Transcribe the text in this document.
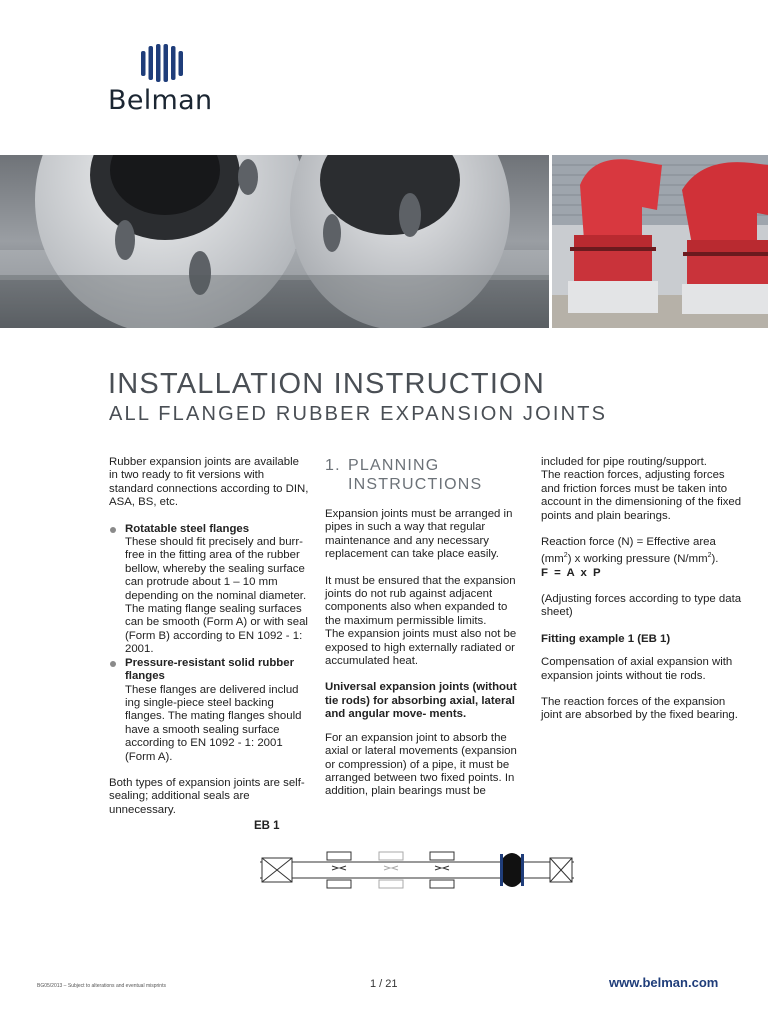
Belman
INSTALLATION INSTRUCTION
ALL FLANGED RUBBER EXPANSION JOINTS

Rubber expansion joints are available in two ready to fit versions with standard connections according to DIN, ASA, BS, etc.

Rotatable steel flanges

These should fit precisely and burr-free in the fitting area of the rubber bellow, whereby the sealing surface can protrude about 1 – 10 mm depending on the nominal diameter. The mating flange sealing surfaces can be smooth (Form A) or with seal (Form B) according to EN 1092 - 1: 2001.

Pressure-resistant solid rubber flanges

These flanges are delivered includ ing single-piece steel backing flanges. The mating flanges should have a smooth sealing surface according to EN 1092 - 1: 2001 (Form A).

Both types of expansion joints are self-sealing; additional seals are unnecessary.

1. PLANNING
INSTRUCTIONS

Expansion joints must be arranged in pipes in such a way that regular maintenance and any necessary replacement can take place easily.

It must be ensured that the expansion joints do not rub against adjacent components also when expanded to the maximum permissible limits.

The expansion joints must also not be exposed to high externally radiated or accumulated heat.

Universal expansion joints (without tie rods) for absorbing axial, lateral and angular move- ments.

For an expansion joint to absorb the axial or lateral movements (expansion or compression) of a pipe, it must be arranged between two fixed points. In addition, plain bearings must be

included for pipe routing/support.

The reaction forces, adjusting forces and friction forces must be taken into account in the dimensioning of the fixed points and plain bearings.

Reaction force (N) = Effective area $(mm^2)$ x working pressure $(N/mm^2)$.

F = A x P

(Adjusting forces according to type data sheet)

Fitting example 1 (EB 1)

Compensation of axial expansion with expansion joints without tie rods.

The reaction forces of the expansion joint are absorbed by the fixed bearing.

EB 1
BG05/2013 – Subject to alterations and eventual misprints	1 / 21	www.belman.com
